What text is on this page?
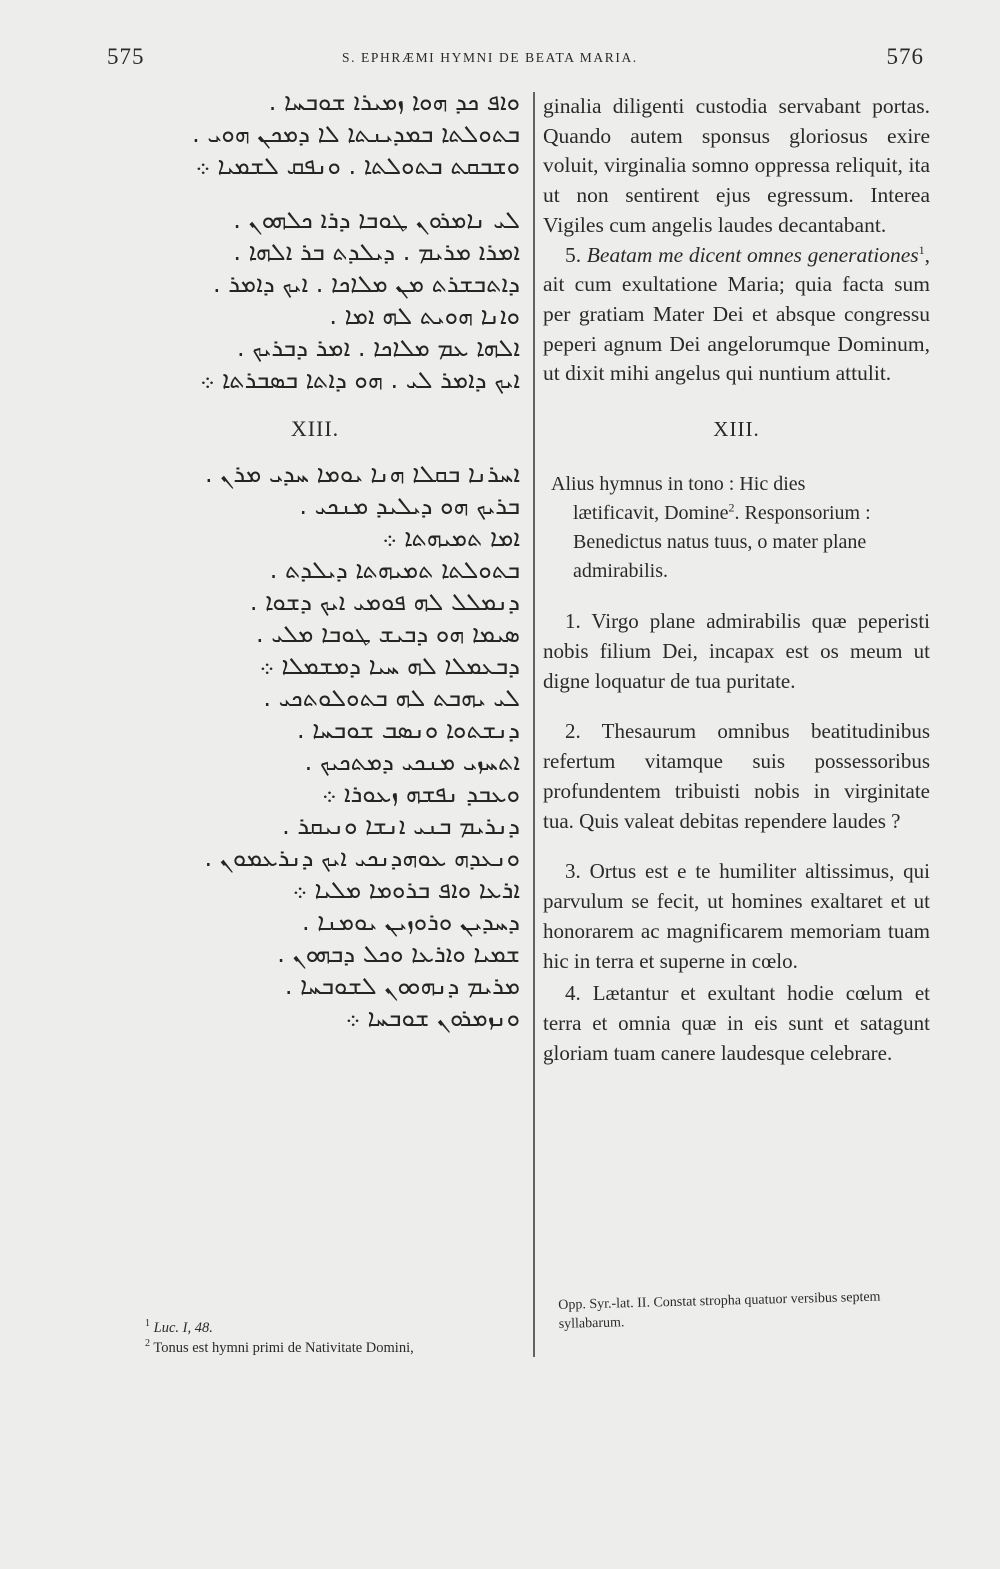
575	S. EPHRÆMI HYMNI DE BEATA MARIA.	576
ܘܐܦ ܟܕ ܗܘܐ ܙܡܝܪܐ ܫܘܒܚܐ .
ܒܬܘܠܬܐ ܒܡܕܝܢܬܐ ܠܐ ܕܡܟܢ ܗܘܝ .
ܘܫܒܩܬ ܒܬܘܠܬܐ . ܘܢܦܩ ܠܫܡܝܐ ܀
ܠܝ ܢܐܡܪܘܢ ܛܘܒܐ ܕܪܐ ܟܠܗܘܢ .
ܐܡܪܐ ܡܪܝܡ . ܕܝܠܕܬ ܒܪ ܐܠܗܐ .
ܕܐܬܒܫܪܬ ܡܢ ܡܠܐܟܐ . ܐܝܟ ܕܐܡܪ .
ܘܐܢܐ ܗܘܝܬ ܠܗ ܐܡܐ .
ܐܠܗܐ ܥܡ ܡܠܐܟܐ . ܐܡܪ ܕܒܪܝܟ .
ܐܝܟ ܕܐܡܪ ܠܝ . ܗܘ ܕܐܬܐ ܒܣܒܪܬܐ ܀
XIII.
ܐܚܪܢܐ ܒܩܠܐ ܗܢܐ ܝܘܡܐ ܚܕܝ ܡܪܢ .
ܒܪܝܟ ܗܘ ܕܝܠܝܕ ܡܢܟܝ .
ܐܡܐ ܬܡܝܗܬܐ ܀
ܒܬܘܠܬܐ ܬܡܝܗܬܐ ܕܝܠܕܬ .
ܕܢܡܠܠ ܠܗ ܦܘܡܝ ܐܝܟ ܕܫܘܐ .
ܣܝܡܐ ܗܘ ܕܒܝܫ ܛܘܒܐ ܡܠܝ .
ܕܒܥܡܠܐ ܠܗ ܚܝܐ ܕܡܫܡܠܐ ܀
ܠܝ ܝܗܒܬ ܠܗ ܒܬܘܠܘܬܟܝ .
ܕܢܫܬܘܐ ܘܢܣܒ ܫܘܒܚܐ .
ܐܬܚܙܝ ܡܢܟܝ ܕܡܬܟܝܟ .
ܘܥܒܕ ܢܦܫܗ ܙܥܘܪܐ ܀
ܕܢܪܝܡ ܒܢܝ ܐܢܫܐ ܘܢܝܩܪ .
ܘܢܥܕܗ ܥܘܗܕܢܟܝ ܐܝܟ ܕܢܪܥܡܘܢ .
ܐܪܥܐ ܘܐܦ ܒܪܘܡܐ ܡܠܝܐ ܀
ܕܚܕܝܢ ܘܪܘܙܝܢ ܝܘܡܢܐ .
ܫܡܝܐ ܘܐܪܥܐ ܘܟܠ ܕܒܗܘܢ .
ܡܪܝܡ ܕܢܗܘܘܢ ܠܫܘܒܚܐ .
ܘܢܙܡܪܘܢ ܫܘܒܚܐ ܀
$^1$ Luc. I, 48.
$^2$ Tonus est hymni primi de Nativitate Domini,

ginalia diligenti custodia servabant portas. Quando autem sponsus gloriosus exire voluit, virginalia somno oppressa reliquit, ita ut non sentirent ejus egressum. Interea Vigiles cum angelis laudes decantabant.

5. Beatam me dicent omnes generationes$^1$, ait cum exultatione Maria; quia facta sum per gratiam Mater Dei et absque congressu peperi agnum Dei angelorumque Dominum, ut dixit mihi angelus qui nuntium attulit.

XIII.
Alius hymnus in tono : Hic dies
lætificavit, Domine$^2$. Responsorium : Benedictus natus tuus, o mater plane admirabilis.

1. Virgo plane admirabilis quæ peperisti nobis filium Dei, incapax est os meum ut digne loquatur de tua puritate.

2. Thesaurum omnibus beatitudinibus refertum vitamque suis possessoribus profundentem tribuisti nobis in virginitate tua. Quis valeat debitas rependere laudes ?

3. Ortus est e te humiliter altissimus, qui parvulum se fecit, ut homines exaltaret et ut honorarem ac magnificarem memoriam tuam hic in terra et superne in cœlo.

4. Lætantur et exultant hodie cœlum et terra et omnia quæ in eis sunt et satagunt gloriam tuam canere laudesque celebrare.

Opp. Syr.-lat. II. Constat stropha quatuor versibus septem syllabarum.
